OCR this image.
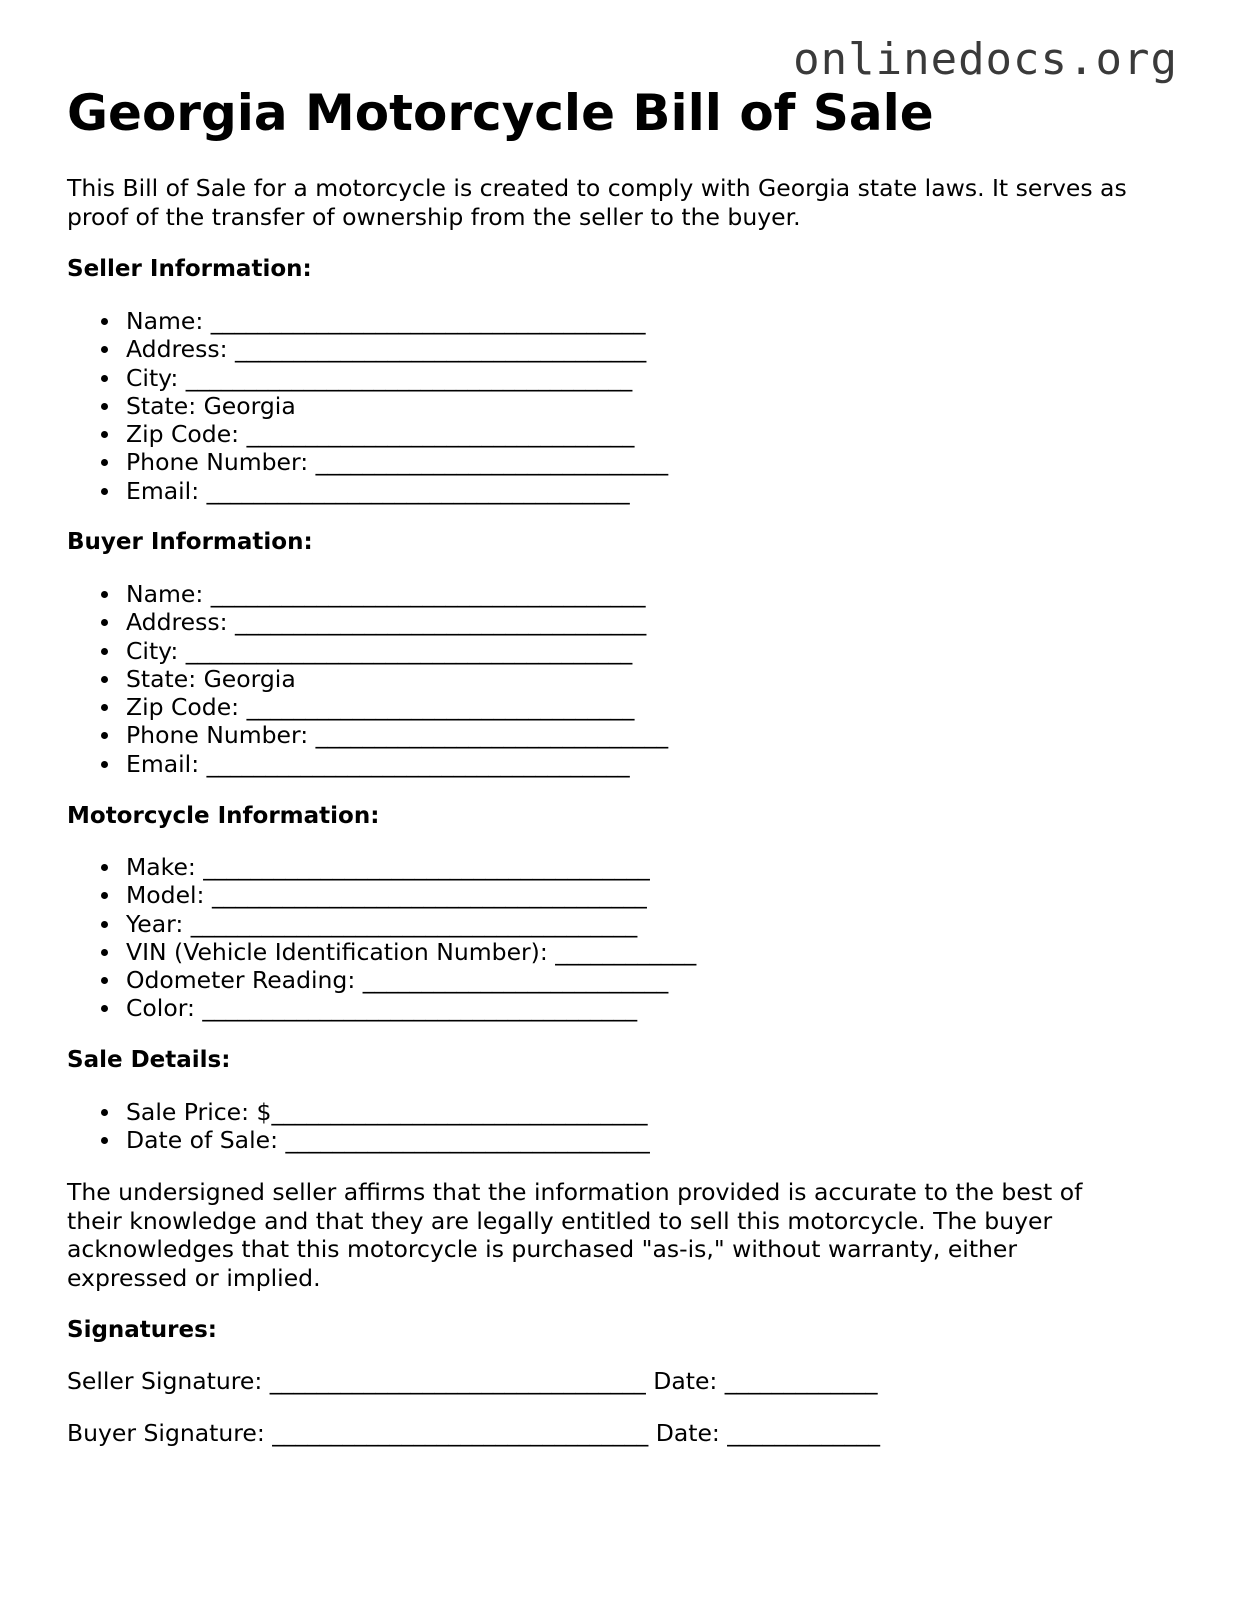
onlinedocs.org
Georgia Motorcycle Bill of Sale

This Bill of Sale for a motorcycle is created to comply with Georgia state laws. It serves as proof of the transfer of ownership from the seller to the buyer.

Seller Information:
Name: _____________________________________
Address: ___________________________________
City: ______________________________________
State: Georgia
Zip Code: _________________________________
Phone Number: ______________________________
Email: ____________________________________
Buyer Information:
Name: _____________________________________
Address: ___________________________________
City: ______________________________________
State: Georgia
Zip Code: _________________________________
Phone Number: ______________________________
Email: ____________________________________
Motorcycle Information:
Make: ______________________________________
Model: _____________________________________
Year: ______________________________________
VIN (Vehicle Identification Number): ____________
Odometer Reading: __________________________
Color: _____________________________________
Sale Details:
Sale Price: $________________________________
Date of Sale: _______________________________

The undersigned seller affirms that the information provided is accurate to the best of their knowledge and that they are legally entitled to sell this motorcycle. The buyer acknowledges that this motorcycle is purchased "as-is," without warranty, either expressed or implied.

Signatures:
Seller Signature: ________________________________ Date: _____________
Buyer Signature: ________________________________ Date: _____________
